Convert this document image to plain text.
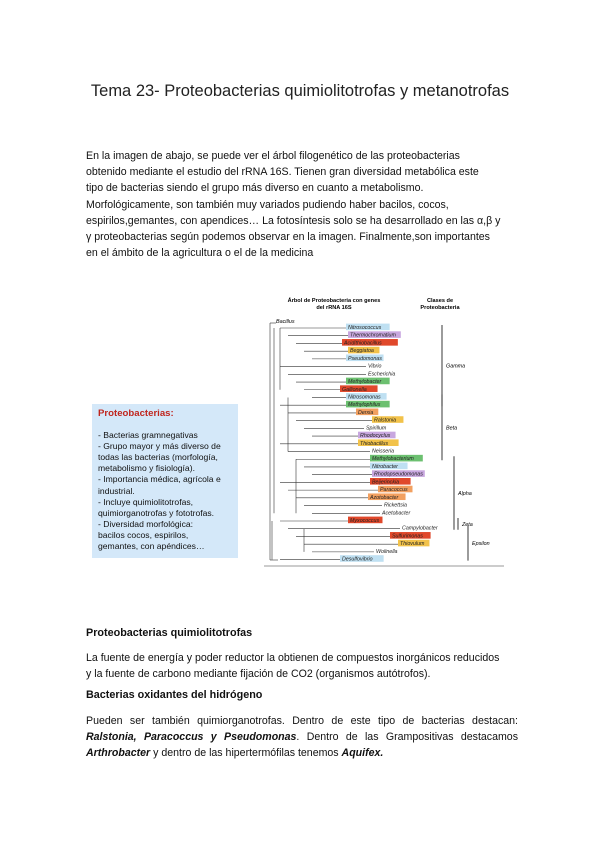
Tema 23- Proteobacterias quimiolitotrofas y metanotrofas
En la imagen de abajo, se puede ver el árbol filogenético de las proteobacterias
obtenido mediante el estudio del rRNA 16S. Tienen gran diversidad metabólica este
tipo de bacterias siendo el grupo más diverso en cuanto a metabolismo.
Morfológicamente, son también muy variados pudiendo haber bacilos, cocos,
espirilos,gemantes, con apendices… La fotosíntesis solo se ha desarrollado en las α,β y
γ proteobacterias según podemos observar en la imagen. Finalmente,son importantes
en el ámbito de la agricultura o el de la medicina
Proteobacterias:
- Bacterias gramnegativas
- Grupo mayor y más diverso de
todas las bacterias (morfología,
metabolismo y fisiología).
- Importancia médica, agrícola e
industrial.
- Incluye quimiolitotrofas,
quimiorganotrofas y fototrofas.
- Diversidad morfológica:
bacilos cocos, espirilos,
gemantes, con apéndices…
Árbol de Proteobacteria con genes
del rRNA 16S
Clases de
Proteobacteria
Bacillus
Nitrosococcus
Thermochromatium
Acidithiobacillus
Beggiatoa
Pseudomonas
Vibrio
Escherichia
Methylobacter
Gallionella
Nitrosomonas
Methylophilus
Derxia
Ralstonia
Spirillum
Rhodocyclus
Thiobacillus
Neisseria
Methylobacterium
Nitrobacter
Rhodopseudomonas
Beijerinckia
Paracoccus
Azotobacter
Rickettsia
Acetobacter
Myxococcus
Campylobacter
Sulfurimonas
Thiovulum
Wolinella
Desulfovibrio
Gamma
Beta
Alpha
Zeta
Epsilon
Proteobacterias quimiolitotrofas
La fuente de energía y poder reductor la obtienen de compuestos inorgánicos reducidos
y la fuente de carbono mediante fijación de CO2 (organismos autótrofos).
Bacterias oxidantes del hidrógeno
Pueden ser también quimiorganotrofas. Dentro de este tipo de bacterias destacan: Ralstonia, Paracoccus y Pseudomonas. Dentro de las Grampositivas destacamos Arthrobacter y dentro de las hipertermófilas tenemos Aquifex.
